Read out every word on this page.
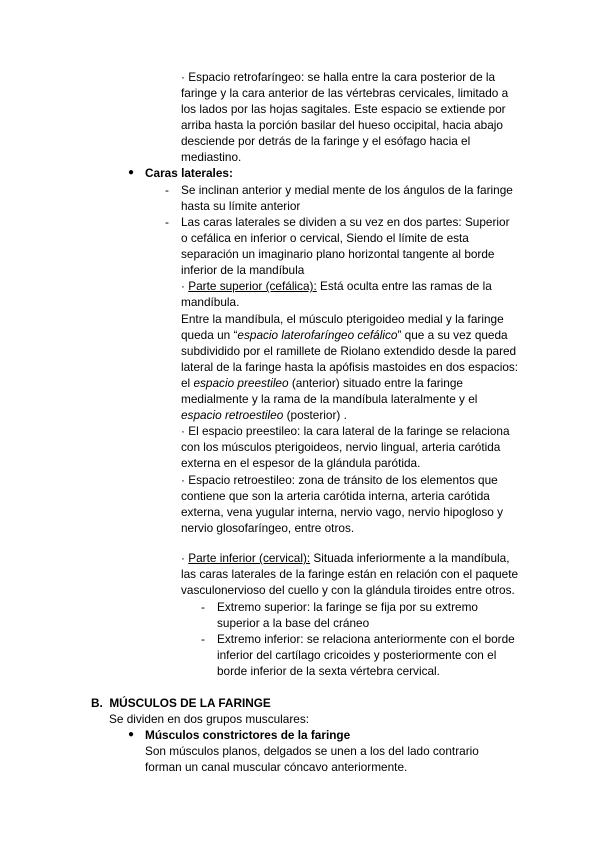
· Espacio retrofaríngeo: se halla entre la cara posterior de la

faringe y la cara anterior de las vértebras cervicales, limitado a

los lados por las hojas sagitales. Este espacio se extiende por

arriba hasta la porción basilar del hueso occipital, hacia abajo

desciende por detrás de la faringe y el esófago hacia el

mediastino.

● Caras laterales:

- Se inclinan anterior y medial mente de los ángulos de la faringe

hasta su límite anterior

- Las caras laterales se dividen a su vez en dos partes: Superior

o cefálica en inferior o cervical, Siendo el límite de esta

separación un imaginario plano horizontal tangente al borde

inferior de la mandíbula

· Parte superior (cefálica): Está oculta entre las ramas de la

mandíbula.

Entre la mandíbula, el músculo pterigoideo medial y la faringe

queda un “espacio laterofaríngeo cefálico” que a su vez queda

subdividido por el ramillete de Riolano extendido desde la pared

lateral de la faringe hasta la apófisis mastoides en dos espacios:

el espacio preestileo (anterior) situado entre la faringe

medialmente y la rama de la mandíbula lateralmente y el

espacio retroestileo (posterior) .

· El espacio preestileo: la cara lateral de la faringe se relaciona

con los músculos pterigoideos, nervio lingual, arteria carótida

externa en el espesor de la glándula parótida.

· Espacio retroestileo: zona de tránsito de los elementos que

contiene que son la arteria carótida interna, arteria carótida

externa, vena yugular interna, nervio vago, nervio hipogloso y

nervio glosofaríngeo, entre otros.

· Parte inferior (cervical): Situada inferiormente a la mandíbula,

las caras laterales de la faringe están en relación con el paquete

vasculonervioso del cuello y con la glándula tiroides entre otros.

- Extremo superior: la faringe se fija por su extremo

superior a la base del cráneo

- Extremo inferior: se relaciona anteriormente con el borde

inferior del cartílago cricoides y posteriormente con el

borde inferior de la sexta vértebra cervical.

B.  MÚSCULOS DE LA FARINGE

Se dividen en dos grupos musculares:

● Músculos constrictores de la faringe

Son músculos planos, delgados se unen a los del lado contrario

forman un canal muscular cóncavo anteriormente.
